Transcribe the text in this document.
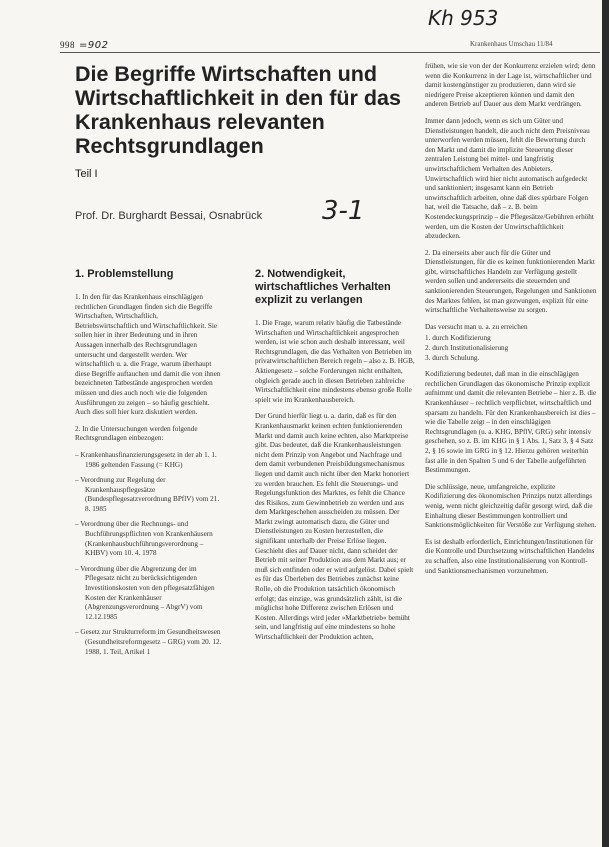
998 =902	Krankenhaus Umschau 11/84
Kh 953
3-1
Die Begriffe Wirtschaften und Wirtschaftlichkeit in den für das Krankenhaus relevanten Rechtsgrundlagen

Teil I

Prof. Dr. Burghardt Bessai, Osnabrück

1. Problemstellung

1. In den für das Krankenhaus einschlägigen rechtlichen Grundlagen finden sich die Begriffe Wirtschaften, Wirtschaftlich, Betriebswirtschaftlich und Wirtschaftlichkeit. Sie sollen hier in ihrer Bedeutung und in ihren Aussagen innerhalb des Rechtsgrundlagen untersucht und dargestellt werden. Wer wirtschaftlich u. a. die Frage, warum überhaupt diese Begriffe auftauchen und damit die von ihnen bezeichneten Tatbestände angesprochen werden müssen und dies auch noch wie die folgenden Ausführungen zu zeigen – so häufig geschieht. Auch dies soll hier kurz diskutiert werden.

2. In die Untersuchungen werden folgende Rechtsgrundlagen einbezogen:

– Krankenhausfinanzierungsgesetz in der ab 1. 1. 1986 geltenden Fassung (= KHG)
– Verordnung zur Regelung der Krankenhauspflegesätze (Bundespflegesatzverordnung BPflV) vom 21. 8. 1985
– Verordnung über die Rechnungs- und Buchführungspflichten von Krankenhäusern (Krankenhausbuchführungsverordnung – KHBV) vom 10. 4. 1978
– Verordnung über die Abgrenzung der im Pflegesatz nicht zu berücksichtigenden Investitionskosten von den pflegesatzfähigen Kosten der Krankenhäuser (Abgrenzungsverordnung – AbgrV) vom 12.12.1985
– Gesetz zur Strukturreform im Gesundheitswesen (Gesundheitsreformgesetz – GRG) vom 20. 12. 1988, 1. Teil, Artikel 1
2. Notwendigkeit, wirtschaftliches Verhalten explizit zu verlangen

1. Die Frage, warum relativ häufig die Tatbestände Wirtschaften und Wirtschaftlichkeit angesprochen werden, ist wie schon auch deshalb interessant, weil Rechtsgrundlagen, die das Verhalten von Betrieben im privatwirtschaftlichen Bereich regeln – also z. B. HGB, Aktiengesetz – solche Forderungen nicht enthalten, obgleich gerade auch in diesen Betrieben zahlreiche Wirtschaftlichkeit eine mindestens ebenso große Rolle spielt wie im Krankenhausbereich.

Der Grund hierfür liegt u. a. darin, daß es für den Krankenhausmarkt keinen echten funktionierenden Markt und damit auch keine echten, also Marktpreise gibt. Das bedeutet, daß die Krankenhausleistungen nicht dem Prinzip von Angebot und Nachfrage und dem damit verbundenen Preisbildungsmechanismus liegen und damit auch nicht über den Markt honoriert zu werden brauchen. Es fehlt die Steuerungs- und Regelungsfunktion des Marktes, es fehlt die Chance des Risikos, zum Gewinnbetrieb zu werden und aus dem Marktgeschehen ausscheiden zu müssen. Der Markt zwingt automatisch dazu, die Güter und Dienstleistungen zu Kosten herzustellen, die signifikant unterhalb der Preise Erlöse liegen. Geschieht dies auf Dauer nicht, dann scheidet der Betrieb mit seiner Produktion aus dem Markt aus; er muß sich entfinden oder er wird aufgelöst. Dabei spielt es für das Überleben des Betriebes zunächst keine Rolle, ob die Produktion tatsächlich ökonomisch erfolgt; das einzige, was grundsätzlich zählt, ist die möglichst hohe Differenz zwischen Erlösen und Kosten. Allerdings wird jeder »Marktbetrieb« bemüht sein, und langfristig auf eine mindestens so hohe Wirtschaftlichkeit der Produktion achten,

frühen, wie sie von der der Konkurrenz erzielen wird; denn wenn die Konkurrenz in der Lage ist, wirtschaftlicher und damit kostengünstiger zu produzieren, dann wird sie niedrigere Preise akzeptieren können und damit den anderen Betrieb auf Dauer aus dem Markt verdrängen.

Immer dann jedoch, wenn es sich um Güter und Dienstleistungen handelt, die auch nicht dem Preisniveau unterworfen werden müssen, fehlt die Bewertung durch den Markt und damit die implizite Steuerung dieser zentralen Leistung bei mittel- und langfristig unwirtschaftlichem Verhalten des Anbieters. Unwirtschaftlich wird hier nicht automatisch aufgedeckt und sanktioniert; insgesamt kann ein Betrieb unwirtschaftlich arbeiten, ohne daß dies spürbare Folgen hat, weil die Tatsache, daß – z. B. beim Kostendeckungsprinzip – die Pflegesätze/Gebühren erhöht werden, um die Kosten der Unwirtschaftlichkeit abzudecken.

2. Da einerseits aber auch für die Güter und Dienstleistungen, für die es keinen funktionierenden Markt gibt, wirtschaftliches Handeln zur Verfügung gestellt werden sollen und andererseits die steuernden und sanktionierenden Steuerungen, Regelungen und Sanktionen des Marktes fehlen, ist man gezwungen, explizit für eine wirtschaftliche Verhaltensweise zu sorgen.

Das versucht man u. a. zu erreichen

1. durch Kodifizierung
2. durch Institutionalisierung
3. durch Schulung.

Kodifizierung bedeutet, daß man in die einschlägigen rechtlichen Grundlagen das ökonomische Prinzip explizit aufnimmt und damit die relevanten Betriebe – hier z. B. die Krankenhäuser – rechtlich verpflichtet, wirtschaftlich und sparsam zu handeln. Für den Krankenhausbereich ist dies – wie die Tabelle zeigt – in den einschlägigen Rechtsgrundlagen (u. a. KHG, BPflV, GRG) sehr intensiv geschehen, so z. B. im KHG in § 1 Abs. 1, Satz 3, § 4 Satz 2, § 16 sowie im GRG in § 12. Hierzu gehören weiterhin fast alle in den Spalten 5 und 6 der Tabelle aufgeführten Bestimmungen.

Die schlüssige, neue, umfangreiche, explizite Kodifizierung des ökonomischen Prinzips nutzt allerdings wenig, wenn nicht gleichzeitig dafür gesorgt wird, daß die Einhaltung dieser Bestimmungen kontrolliert und Sanktionsmöglichkeiten für Verstöße zur Verfügung stehen.

Es ist deshalb erforderlich, Einrichtungen/Institutionen für die Kontrolle und Durchsetzung wirtschaftlichen Handelns zu schaffen, also eine Institutionalisierung von Kontroll- und Sanktionsmechanismen vorzunehmen.
